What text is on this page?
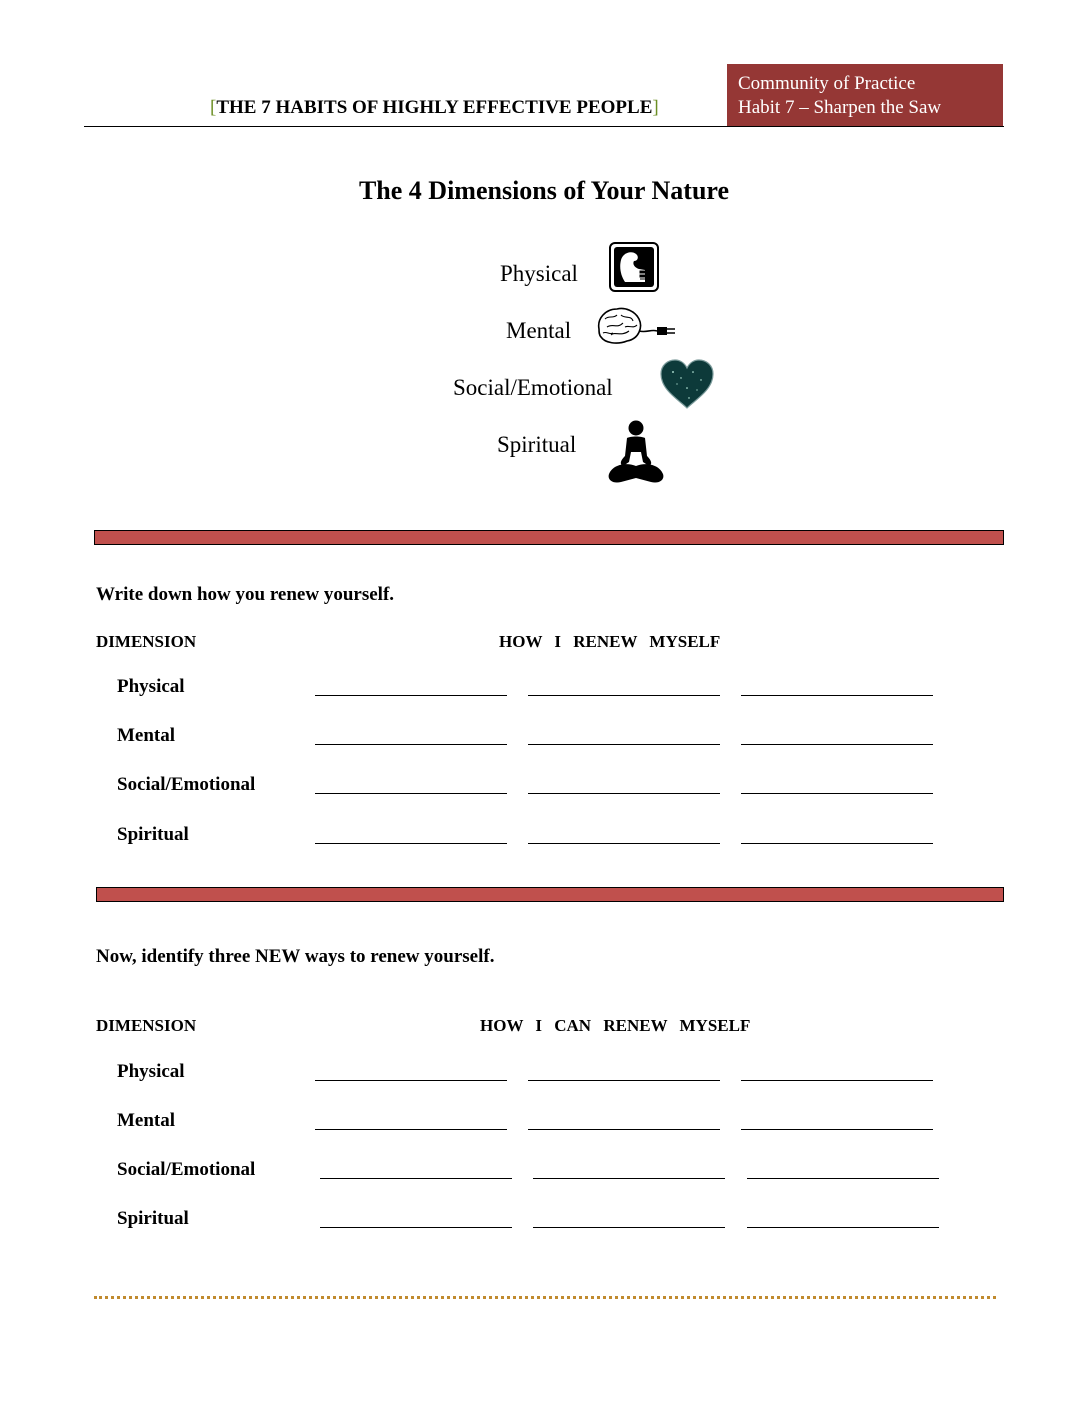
[THE 7 HABITS OF HIGHLY EFFECTIVE PEOPLE]
Community of Practice
Habit 7 – Sharpen the Saw
The 4 Dimensions of Your Nature
Physical
Mental
Social/Emotional
Spiritual
Write down how you renew yourself.
DIMENSION	HOW I RENEW MYSELF
Physical
Mental
Social/Emotional
Spiritual
Now, identify three NEW ways to renew yourself.
DIMENSION	HOW I CAN RENEW MYSELF
Physical
Mental
Social/Emotional
Spiritual
